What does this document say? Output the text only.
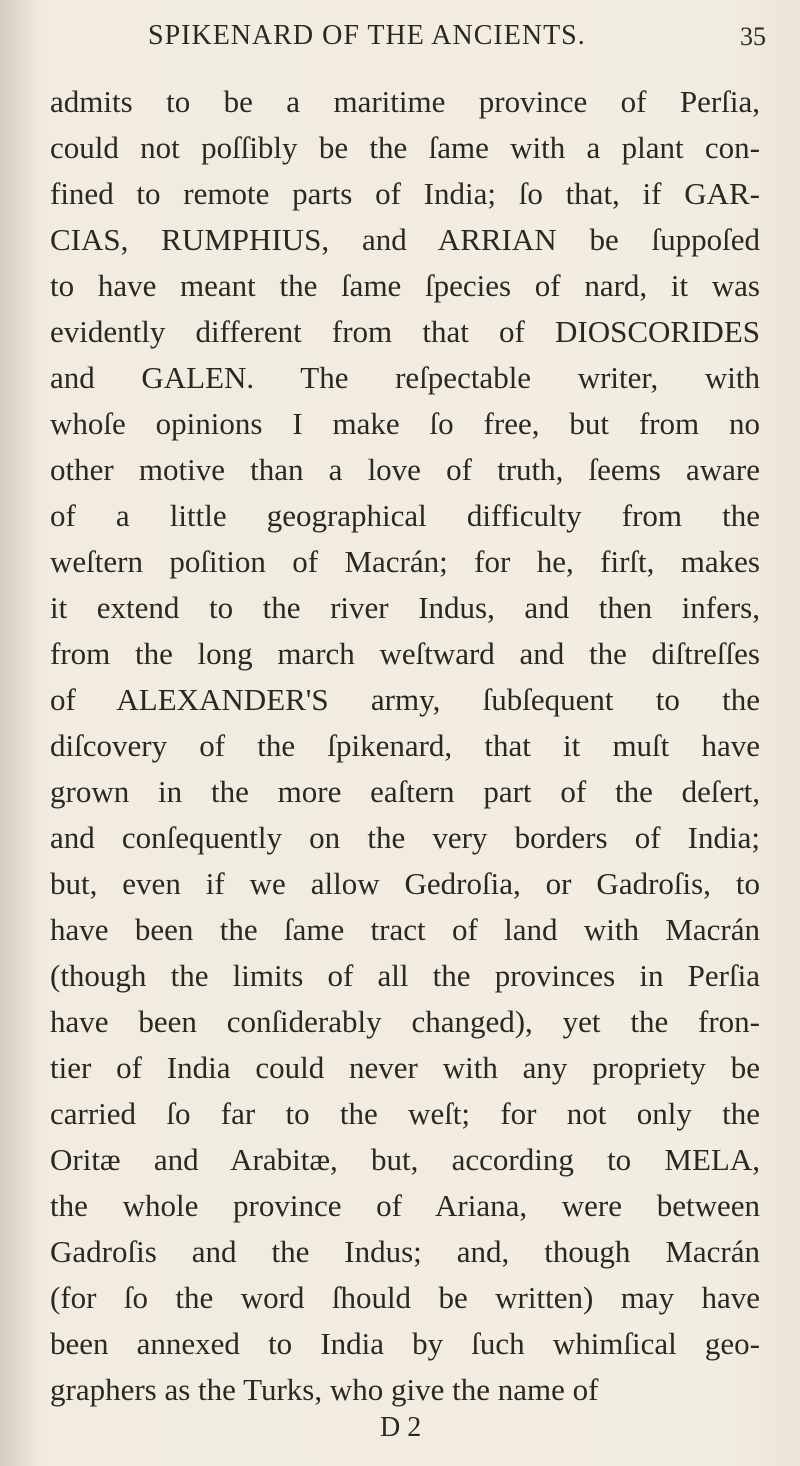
SPIKENARD OF THE ANCIENTS.	35
admits to be a maritime province of Perſia,
could not poſſibly be the ſame with a plant con-
fined to remote parts of India; ſo that, if GAR-
CIAS, RUMPHIUS, and ARRIAN be ſuppoſed
to have meant the ſame ſpecies of nard, it was
evidently different from that of DIOSCORIDES
and GALEN. The reſpectable writer, with
whoſe opinions I make ſo free, but from no
other motive than a love of truth, ſeems aware
of a little geographical difficulty from the
weſtern poſition of Macrán; for he, firſt, makes
it extend to the river Indus, and then infers,
from the long march weſtward and the diſtreſſes
of ALEXANDER'S army, ſubſequent to the
diſcovery of the ſpikenard, that it muſt have
grown in the more eaſtern part of the deſert,
and conſequently on the very borders of India;
but, even if we allow Gedroſia, or Gadroſis, to
have been the ſame tract of land with Macrán
(though the limits of all the provinces in Perſia
have been conſiderably changed), yet the fron-
tier of India could never with any propriety be
carried ſo far to the weſt; for not only the
Oritæ and Arabitæ, but, according to MELA,
the whole province of Ariana, were between
Gadroſis and the Indus; and, though Macrán
(for ſo the word ſhould be written) may have
been annexed to India by ſuch whimſical geo-
graphers as the Turks, who give the name of
D 2
